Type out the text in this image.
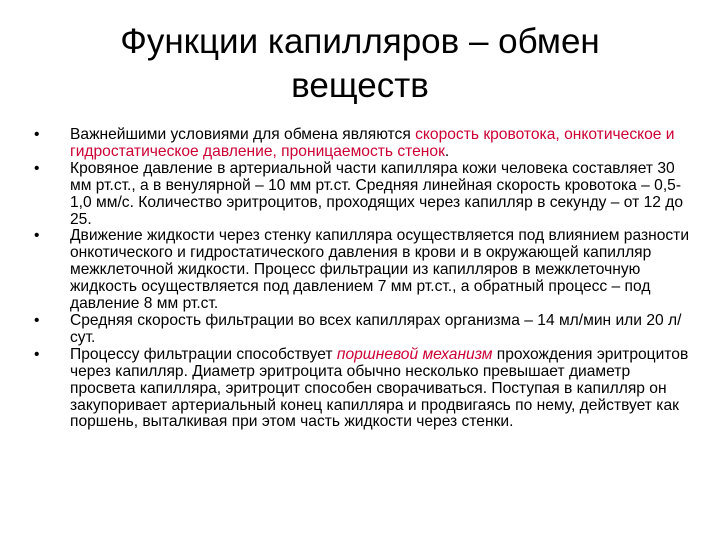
Функции капилляров – обмен
веществ
•	Важнейшими условиями для обмена являются скорость кровотока, онкотическое и гидростатическое давление, проницаемость стенок.
•	Кровяное давление в артериальной части капилляра кожи человека составляет 30 мм рт.ст., а в венулярной – 10 мм рт.ст. Средняя линейная скорость кровотока – 0,5-1,0 мм/с. Количество эритроцитов, проходящих через капилляр в секунду – от 12 до 25.
•	Движение жидкости через стенку капилляра осуществляется под влиянием разности онкотического и гидростатического давления в крови и в окружающей капилляр межклеточной жидкости. Процесс фильтрации из капилляров в межклеточную жидкость осуществляется под давлением 7 мм рт.ст., а обратный процесс – под давление 8 мм рт.ст.
•	Средняя скорость фильтрации во всех капиллярах организма – 14 мл/мин или 20 л/сут.
•	Процессу фильтрации способствует поршневой механизм прохождения эритроцитов через капилляр. Диаметр эритроцита обычно несколько превышает диаметр просвета капилляра, эритроцит способен сворачиваться. Поступая в капилляр он закупоривает артериальный конец капилляра и продвигаясь по нему, действует как поршень, выталкивая при этом часть жидкости через стенки.
